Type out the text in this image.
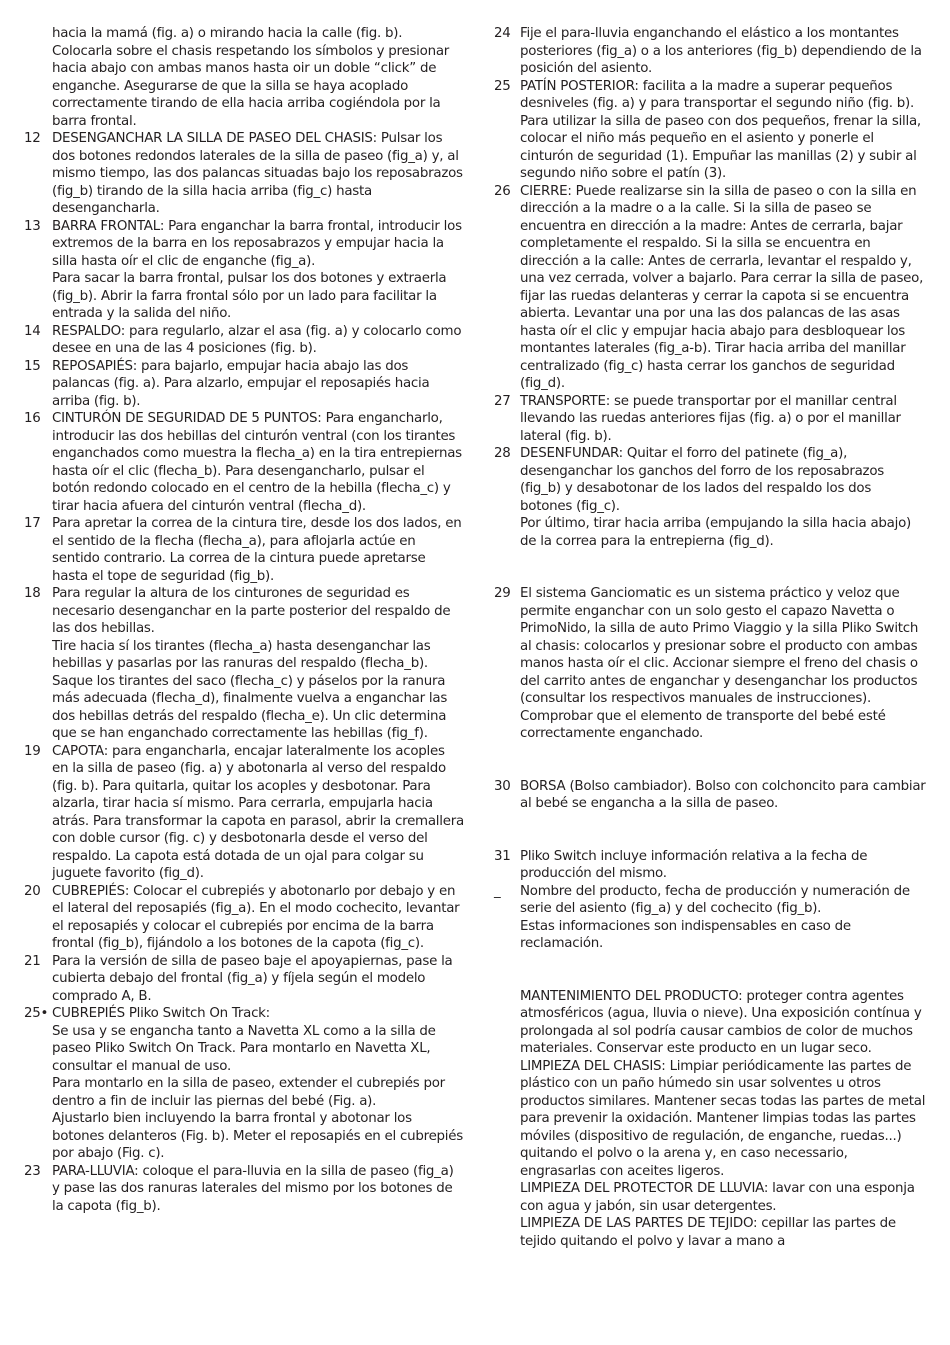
hacia la mamá (fig. a) o mirando hacia la calle (fig. b). Colocarla sobre el chasis respetando los símbolos y presionar hacia abajo con ambas manos hasta oir un doble “click” de enganche. Asegurarse de que la silla se haya acoplado correctamente tirando de ella hacia arriba cogiéndola por la barra frontal.

12 DESENGANCHAR LA SILLA DE PASEO DEL CHASIS: Pulsar los dos botones redondos laterales de la silla de paseo (fig_a) y, al mismo tiempo, las dos palancas situadas bajo los reposabrazos (fig_b) tirando de la silla hacia arriba (fig_c) hasta desengancharla.

13 BARRA FRONTAL: Para enganchar la barra frontal, introducir los extremos de la barra en los reposabrazos y empujar hacia la silla hasta oír el clic de enganche (fig_a).

Para sacar la barra frontal, pulsar los dos botones y extraerla (fig_b). Abrir la farra frontal sólo por un lado para facilitar la entrada y la salida del niño.

14 RESPALDO: para regularlo, alzar el asa (fig. a) y colocarlo como desee en una de las 4 posiciones (fig. b).

15 REPOSAPIÉS: para bajarlo, empujar hacia abajo las dos palancas (fig. a). Para alzarlo, empujar el reposapiés hacia arriba (fig. b).

16 CINTURÓN DE SEGURIDAD DE 5 PUNTOS: Para engancharlo, introducir las dos hebillas del cinturón ventral (con los tirantes enganchados como muestra la flecha_a) en la tira entrepiernas hasta oír el clic (flecha_b). Para desengancharlo, pulsar el botón redondo colocado en el centro de la hebilla (flecha_c) y tirar hacia afuera del cinturón ventral (flecha_d).

17 Para apretar la correa de la cintura tire, desde los dos lados, en el sentido de la flecha (flecha_a), para aflojarla actúe en sentido contrario. La correa de la cintura puede apretarse hasta el tope de seguridad (fig_b).

18 Para regular la altura de los cinturones de seguridad es necesario desenganchar en la parte posterior del respaldo de las dos hebillas.

Tire hacia sí los tirantes (flecha_a) hasta desenganchar las hebillas y pasarlas por las ranuras del respaldo (flecha_b). Saque los tirantes del saco (flecha_c) y páselos por la ranura más adecuada (flecha_d), finalmente vuelva a enganchar las dos hebillas detrás del respaldo (flecha_e). Un clic determina que se han enganchado correctamente las hebillas (fig_f).

19 CAPOTA: para engancharla, encajar lateralmente los acoples en la silla de paseo (fig. a) y abotonarla al verso del respaldo (fig. b). Para quitarla, quitar los acoples y desbotonar. Para alzarla, tirar hacia sí mismo. Para cerrarla, empujarla hacia atrás. Para transformar la capota en parasol, abrir la cremallera con doble cursor (fig. c) y desbotonarla desde el verso del respaldo. La capota está dotada de un ojal para colgar su juguete favorito (fig_d).

20 CUBREPIÉS: Colocar el cubrepiés y abotonarlo por debajo y en el lateral del reposapiés (fig_a). En el modo cochecito, levantar el reposapiés y colocar el cubrepiés por encima de la barra frontal (fig_b), fijándolo a los botones de la capota (fig_c).

21 Para la versión de silla de paseo baje el apoyapiernas, pase la cubierta debajo del frontal (fig_a) y fíjela según el modelo comprado A, B.

25• CUBREPIÉS Pliko Switch On Track:

Se usa y se engancha tanto a Navetta XL como a la silla de paseo Pliko Switch On Track. Para montarlo en Navetta XL, consultar el manual de uso.

Para montarlo en la silla de paseo, extender el cubrepiés por dentro a fin de incluir las piernas del bebé (Fig. a).

Ajustarlo bien incluyendo la barra frontal y abotonar los botones delanteros (Fig. b). Meter el reposapiés en el cubrepiés por abajo (Fig. c).

23 PARA-LLUVIA: coloque el para-lluvia en la silla de paseo (fig_a) y pase las dos ranuras laterales del mismo por los botones de la capota (fig_b).

24 Fije el para-lluvia enganchando el elástico a los montantes posteriores (fig_a) o a los anteriores (fig_b) dependiendo de la posición del asiento.

25 PATÍN POSTERIOR: facilita a la madre a superar pequeños desniveles (fig. a) y para transportar el segundo niño (fig. b). Para utilizar la silla de paseo con dos pequeños, frenar la silla, colocar el niño más pequeño en el asiento y ponerle el cinturón de seguridad (1). Empuñar las manillas (2) y subir al segundo niño sobre el patín (3).

26 CIERRE: Puede realizarse sin la silla de paseo o con la silla en dirección a la madre o a la calle. Si la silla de paseo se encuentra en dirección a la madre: Antes de cerrarla, bajar completamente el respaldo. Si la silla se encuentra en dirección a la calle: Antes de cerrarla, levantar el respaldo y, una vez cerrada, volver a bajarlo. Para cerrar la silla de paseo, fijar las ruedas delanteras y cerrar la capota si se encuentra abierta. Levantar una por una las dos palancas de las asas hasta oír el clic y empujar hacia abajo para desbloquear los montantes laterales (fig_a-b). Tirar hacia arriba del manillar centralizado (fig_c) hasta cerrar los ganchos de seguridad (fig_d).

27 TRANSPORTE: se puede transportar por el manillar central llevando las ruedas anteriores fijas (fig. a) o por el manillar lateral (fig. b).

28 DESENFUNDAR: Quitar el forro del patinete (fig_a), desenganchar los ganchos del forro de los reposabrazos (fig_b) y desabotonar de los lados del respaldo los dos botones (fig_c).

Por último, tirar hacia arriba (empujando la silla hacia abajo) de la correa para la entrepierna (fig_d).

29 El sistema Ganciomatic es un sistema práctico y veloz que permite enganchar con un solo gesto el capazo Navetta o PrimoNido, la silla de auto Primo Viaggio y la silla Pliko Switch al chasis: colocarlos y presionar sobre el producto con ambas manos hasta oír el clic. Accionar siempre el freno del chasis o del carrito antes de enganchar y desenganchar los productos (consultar los respectivos manuales de instrucciones). Comprobar que el elemento de transporte del bebé esté correctamente enganchado.

30 BORSA (Bolso cambiador). Bolso con colchoncito para cambiar al bebé se engancha a la silla de paseo.

31 Pliko Switch incluye información relativa a la fecha de producción del mismo.

_	Nombre del producto, fecha de producción y numeración de serie del asiento (fig_a) y del cochecito (fig_b).

Estas informaciones son indispensables en caso de reclamación.

MANTENIMIENTO DEL PRODUCTO: proteger contra agentes atmosféricos (agua, lluvia o nieve). Una exposición contínua y prolongada al sol podría causar cambios de color de muchos materiales. Conservar este producto en un lugar seco.

LIMPIEZA DEL CHASIS: Limpiar periódicamente las partes de plástico con un paño húmedo sin usar solventes u otros productos similares. Mantener secas todas las partes de metal para prevenir la oxidación. Mantener limpias todas las partes móviles (dispositivo de regulación, de enganche, ruedas...) quitando el polvo o la arena y, en caso necessario, engrasarlas con aceites ligeros.

LIMPIEZA DEL PROTECTOR DE LLUVIA: lavar con una esponja con agua y jabón, sin usar detergentes.

LIMPIEZA DE LAS PARTES DE TEJIDO: cepillar las partes de tejido quitando el polvo y lavar a mano a
